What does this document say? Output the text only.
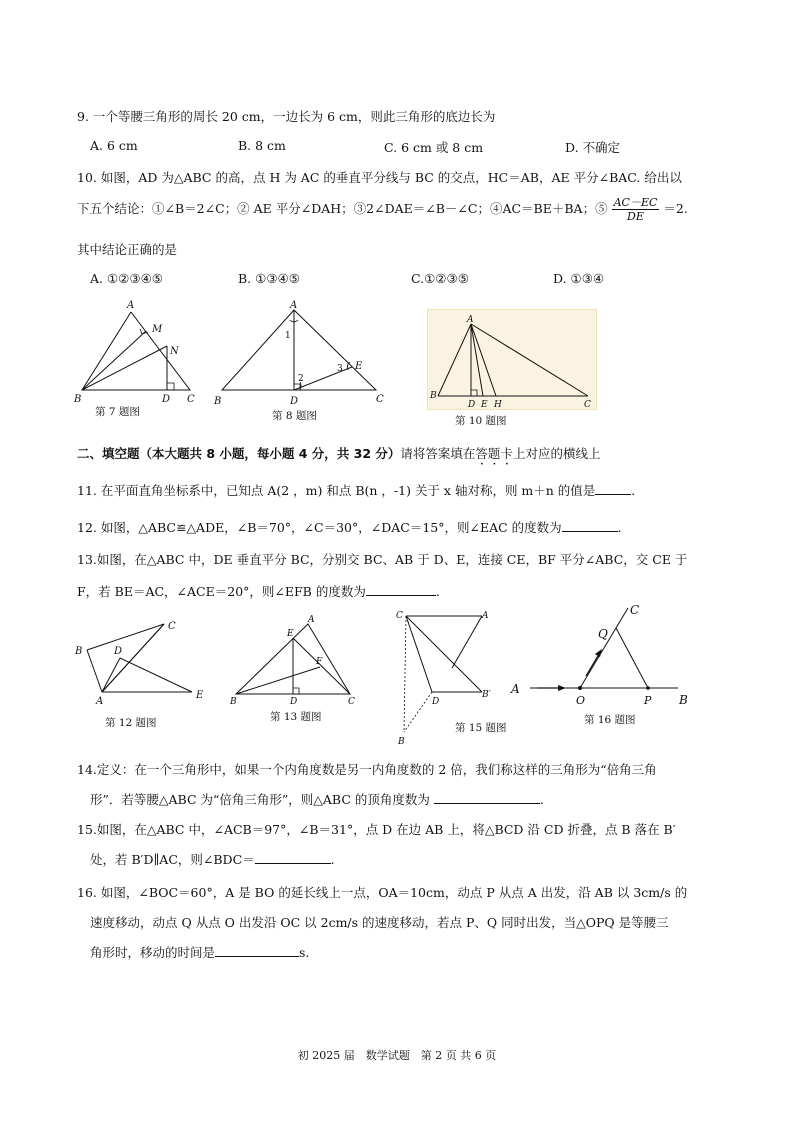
9. 一个等腰三角形的周长 20 cm，一边长为 6 cm，则此三角形的底边长为
A. 6 cm	B. 8 cm	C. 6 cm 或 8 cm	D. 不确定
10. 如图，AD 为△ABC 的高，点 H 为 AC 的垂直平分线与 BC 的交点，HC＝AB，AE 平分∠BAC. 给出以
下五个结论：①∠B＝2∠C；② AE 平分∠DAH；③2∠DAE＝∠B－∠C；④AC＝BE＋BA；⑤ $\frac{AC-EC}{DE} =2$.
其中结论正确的是
A. ①②③④⑤	B. ①③④⑤	C.①②③⑤	D. ①③④
A
M
N
B	D C
第 7 题图
A
1
2
3 E
B	D	C
第 8 题图
A
B
D E H	C
第 10 题图
二、填空题（本大题共 8 小题，每小题 4 分，共 32 分）请将答案填在答题卡上对应的横线上
11. 在平面直角坐标系中，已知点 A(2 ，m) 和点 B(n ，-1) 关于 x 轴对称，则 m＋n 的值是	.
12. 如图，△ABC≌△ADE，∠B＝70°，∠C＝30°，∠DAC＝15°，则∠EAC 的度数为	.
13.如图，在△ABC 中，DE 垂直平分 BC，分别交 BC、AB 于 D、E，连接 CE，BF 平分∠ABC，交 CE 于
F，若 BE＝AC，∠ACE＝20°，则∠EFB 的度数为	.
B
C
D
A
E
第 12 题图
A
E
F
B	D	C
第 13 题图
C	A
D
B′
B
第 15 题图
C
Q
A
O	P B
第 16 题图
14.定义：在一个三角形中，如果一个内角度数是另一内角度数的 2 倍，我们称这样的三角形为“倍角三角
形”．若等腰△ABC 为“倍角三角形”，则△ABC 的顶角度数为	.
15.如图，在△ABC 中，∠ACB＝97°，∠B＝31°，点 D 在边 AB 上，将△BCD 沿 CD 折叠，点 B 落在 B′
处，若 B′D∥AC，则∠BDC＝	.
16. 如图，∠BOC＝60°，A 是 BO 的延长线上一点，OA＝10cm，动点 P 从点 A 出发，沿 AB 以 3cm/s 的
速度移动，动点 Q 从点 O 出发沿 OC 以 2cm/s 的速度移动，若点 P、Q 同时出发，当△OPQ 是等腰三
角形时，移动的时间是	s.
初 2025 届　数学试题　第 2 页 共 6 页
